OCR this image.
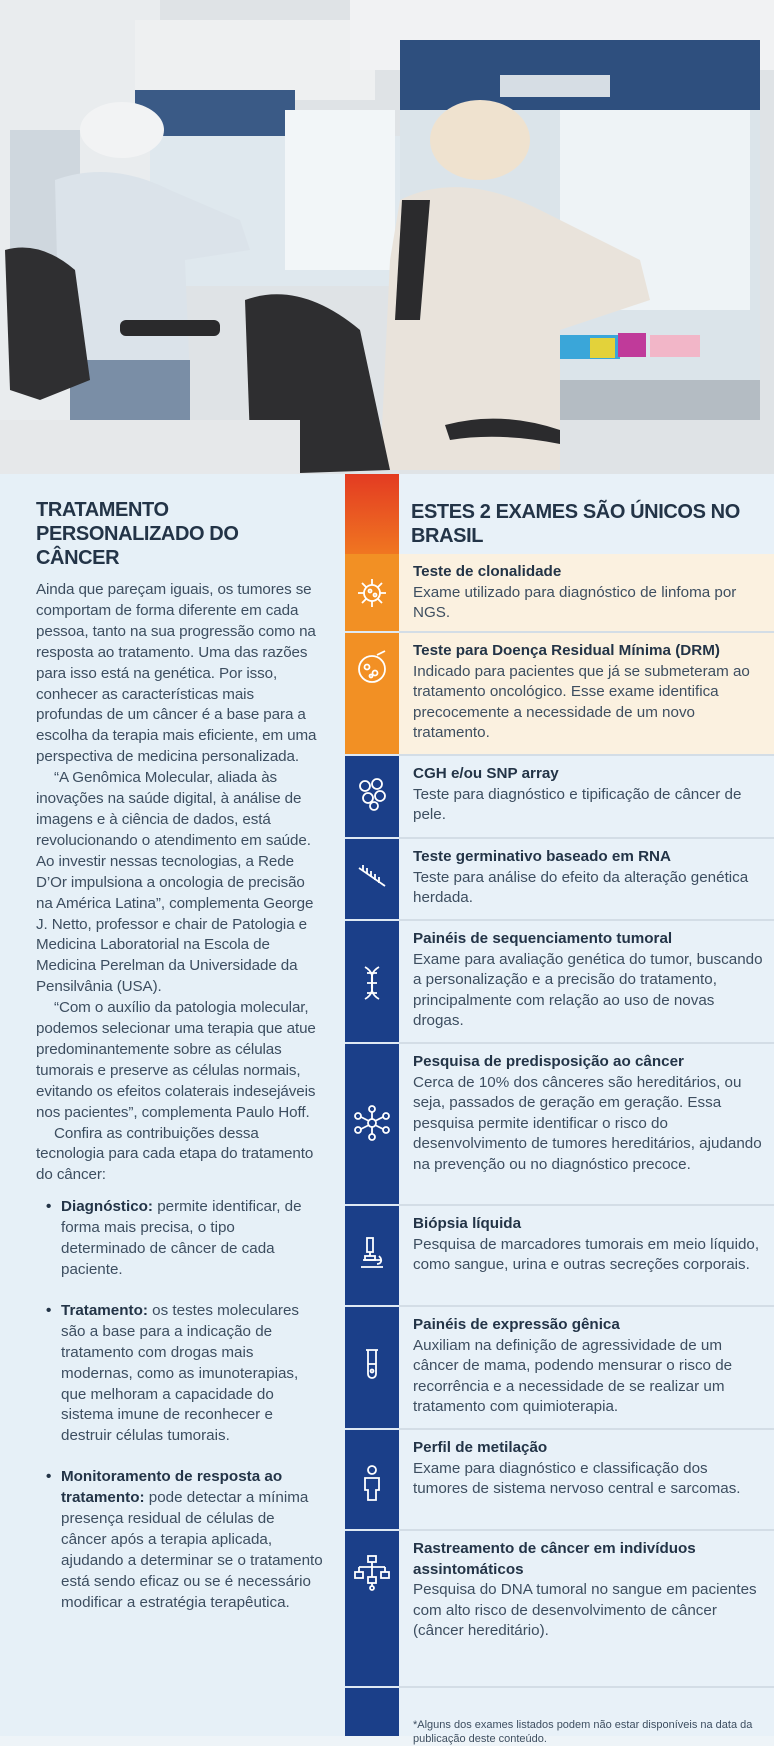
TRATAMENTO PERSONALIZADO DO CÂNCER

Ainda que pareçam iguais, os tumores se comportam de forma diferente em cada pessoa, tanto na sua progressão como na resposta ao tratamento. Uma das razões para isso está na genética. Por isso, conhecer as características mais profundas de um câncer é a base para a escolha da terapia mais eficiente, em uma perspectiva de medicina personalizada.

“A Genômica Molecular, aliada às inovações na saúde digital, à análise de imagens e à ciência de dados, está revolucionando o atendimento em saúde. Ao investir nessas tecnologias, a Rede D’Or impulsiona a oncologia de precisão na América Latina”, complementa George J. Netto, professor e chair de Patologia e Medicina Laboratorial na Escola de Medicina Perelman da Universidade da Pensilvânia (USA).

“Com o auxílio da patologia molecular, podemos selecionar uma terapia que atue predominantemente sobre as células tumorais e preserve as células normais, evitando os efeitos colaterais indesejáveis nos pacientes”, complementa Paulo Hoff.

Confira as contribuições dessa tecnologia para cada etapa do tratamento do câncer:

• Diagnóstico: permite identificar, de forma mais precisa, o tipo determinado de câncer de cada paciente.
• Tratamento: os testes moleculares são a base para a indicação de tratamento com drogas mais modernas, como as imunoterapias, que melhoram a capacidade do sistema imune de reconhecer e destruir células tumorais.
• Monitoramento de resposta ao tratamento: pode detectar a mínima presença residual de células de câncer após a terapia aplicada, ajudando a determinar se o tratamento está sendo eficaz ou se é necessário modificar a estratégia terapêutica.
ESTES 2 EXAMES SÃO ÚNICOS NO BRASIL
Teste de clonalidade
Exame utilizado para diagnóstico de linfoma por NGS.
Teste para Doença Residual Mínima (DRM)
Indicado para pacientes que já se submeteram ao tratamento oncológico. Esse exame identifica precocemente a necessidade de um novo tratamento.
CGH e/ou SNP array
Teste para diagnóstico e tipificação de câncer de pele.
Teste germinativo baseado em RNA
Teste para análise do efeito da alteração genética herdada.
Painéis de sequenciamento tumoral
Exame para avaliação genética do tumor, buscando a personalização e a precisão do tratamento, principalmente com relação ao uso de novas drogas.
Pesquisa de predisposição ao câncer
Cerca de 10% dos cânceres são hereditários, ou seja, passados de geração em geração. Essa pesquisa permite identificar o risco do desenvolvimento de tumores hereditários, ajudando na prevenção ou no diagnóstico precoce.
Biópsia líquida
Pesquisa de marcadores tumorais em meio líquido, como sangue, urina e outras secreções corporais.
Painéis de expressão gênica
Auxiliam na definição de agressividade de um câncer de mama, podendo mensurar o risco de recorrência e a necessidade de se realizar um tratamento com quimioterapia.
Perfil de metilação
Exame para diagnóstico e classificação dos tumores de sistema nervoso central e sarcomas.
Rastreamento de câncer em indivíduos assintomáticos
Pesquisa do DNA tumoral no sangue em pacientes com alto risco de desenvolvimento de câncer (câncer hereditário).
*Alguns dos exames listados podem não estar disponíveis na data da publicação deste conteúdo.
